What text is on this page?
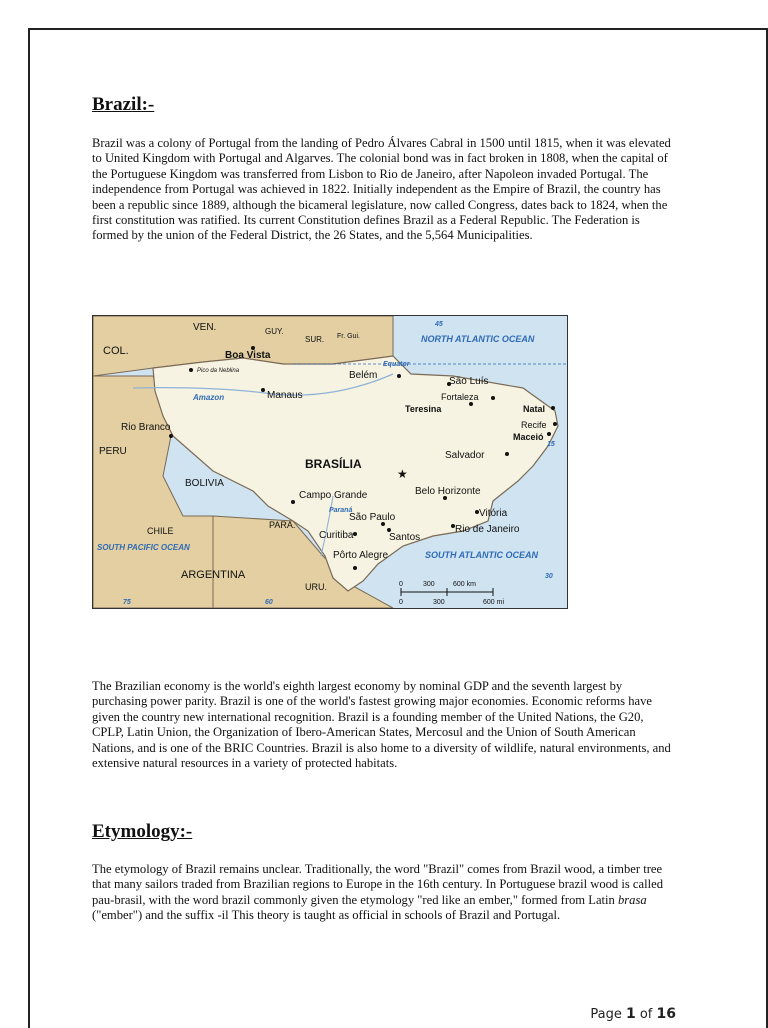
Brazil:-

Brazil was a colony of Portugal from the landing of Pedro Álvares Cabral in 1500 until 1815, when it was elevated to United Kingdom with Portugal and Algarves. The colonial bond was in fact broken in 1808, when the capital of the Portuguese Kingdom was transferred from Lisbon to Rio de Janeiro, after Napoleon invaded Portugal. The independence from Portugal was achieved in 1822. Initially independent as the Empire of Brazil, the country has been a republic since 1889, although the bicameral legislature, now called Congress, dates back to 1824, when the first constitution was ratified. Its current Constitution defines Brazil as a Federal Republic. The Federation is formed by the union of the Federal District, the 26 States, and the 5,564 Municipalities.

VEN.	GUY.
SUR. Fr. Gui.
COL.
PERU
BOLIVIA
CHILE
PARA.
ARGENTINA
URU.
NORTH ATLANTIC OCEAN
SOUTH ATLANTIC OCEAN
SOUTH PACIFIC OCEAN
Equator
Amazon
Paraná
BRASÍLIA
★
Boa Vista
Pico da Neblina
Manaus
Belém
São Luís
Fortaleza
Teresina	Natal
Recife
Maceió
Salvador
Rio Branco
Campo Grande	Belo Horizonte
Vitória
São Paulo
Curitiba	Santos
Rio de Janeiro
Pôrto Alegre
45
15
30
75	60
0	300	600 km
0	300	600 mi

The Brazilian economy is the world's eighth largest economy by nominal GDP and the seventh largest by purchasing power parity. Brazil is one of the world's fastest growing major economies. Economic reforms have given the country new international recognition. Brazil is a founding member of the United Nations, the G20, CPLP, Latin Union, the Organization of Ibero-American States, Mercosul and the Union of South American Nations, and is one of the BRIC Countries. Brazil is also home to a diversity of wildlife, natural environments, and extensive natural resources in a variety of protected habitats.

Etymology:-

The etymology of Brazil remains unclear. Traditionally, the word "Brazil" comes from Brazil wood, a timber tree that many sailors traded from Brazilian regions to Europe in the 16th century. In Portuguese brazil wood is called pau-brasil, with the word brazil commonly given the etymology "red like an ember," formed from Latin brasa ("ember") and the suffix -il This theory is taught as official in schools of Brazil and Portugal.

Page 1 of 16
